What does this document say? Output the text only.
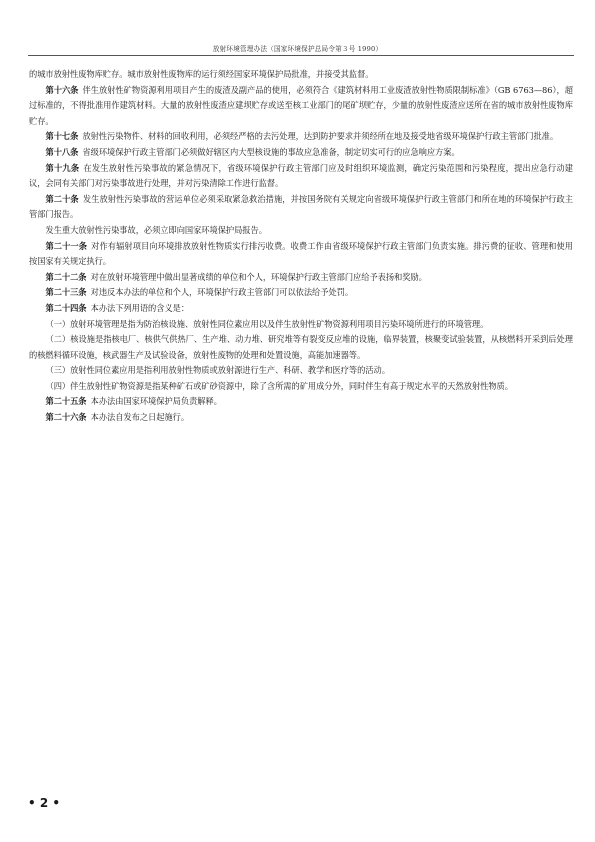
放射环境管理办法（国家环境保护总局令第３号 1990）

的城市放射性废物库贮存。城市放射性废物库的运行须经国家环境保护局批准，并接受其监督。

第十六条 伴生放射性矿物资源利用项目产生的废渣及副产品的使用，必须符合《建筑材料用工业废渣放射性物质限制标准》（GB 6763—86），超过标准的，不得批准用作建筑材料。大量的放射性废渣应建坝贮存或送至核工业部门的尾矿坝贮存，少量的放射性废渣应送所在省的城市放射性废物库贮存。

第十七条 放射性污染物件、材料的回收利用，必须经严格的去污处理，达到防护要求并须经所在地及接受地省级环境保护行政主管部门批准。

第十八条 省级环境保护行政主管部门必须做好辖区内大型核设施的事故应急准备，制定切实可行的应急响应方案。

第十九条 在发生放射性污染事故的紧急情况下，省级环境保护行政主管部门应及时组织环境监测，确定污染范围和污染程度，提出应急行动建议，会同有关部门对污染事故进行处理，并对污染清除工作进行监督。

第二十条 发生放射性污染事故的营运单位必须采取紧急救治措施，并按国务院有关规定向省级环境保护行政主管部门和所在地的环境保护行政主管部门报告。

发生重大放射性污染事故，必须立即向国家环境保护局报告。

第二十一条 对作有辐射项目向环境排放放射性物质实行排污收费。收费工作由省级环境保护行政主管部门负责实施。排污费的征收、管理和使用按国家有关规定执行。

第二十二条 对在放射环境管理中做出显著成绩的单位和个人，环境保护行政主管部门应给予表扬和奖励。

第二十三条 对违反本办法的单位和个人，环境保护行政主管部门可以依法给予处罚。

第二十四条 本办法下列用语的含义是：

（一）放射环境管理是指为防治核设施、放射性同位素应用以及伴生放射性矿物资源利用项目污染环境所进行的环境管理。

（二）核设施是指核电厂、核供气供热厂、生产堆、动力堆、研究堆等有裂变反应堆的设施，临界装置，核聚变试验装置，从核燃料开采到后处理的核燃料循环设施，核武器生产及试验设备，放射性废物的处理和处置设施，高能加速器等。

（三）放射性同位素应用是指利用放射性物质或放射源进行生产、科研、教学和医疗等的活动。

（四）伴生放射性矿物资源是指某种矿石或矿砂资源中，除了含所需的矿用成分外，同时伴生有高于规定水平的天然放射性物质。

第二十五条 本办法由国家环境保护局负责解释。

第二十六条 本办法自发布之日起施行。

• 2 •
